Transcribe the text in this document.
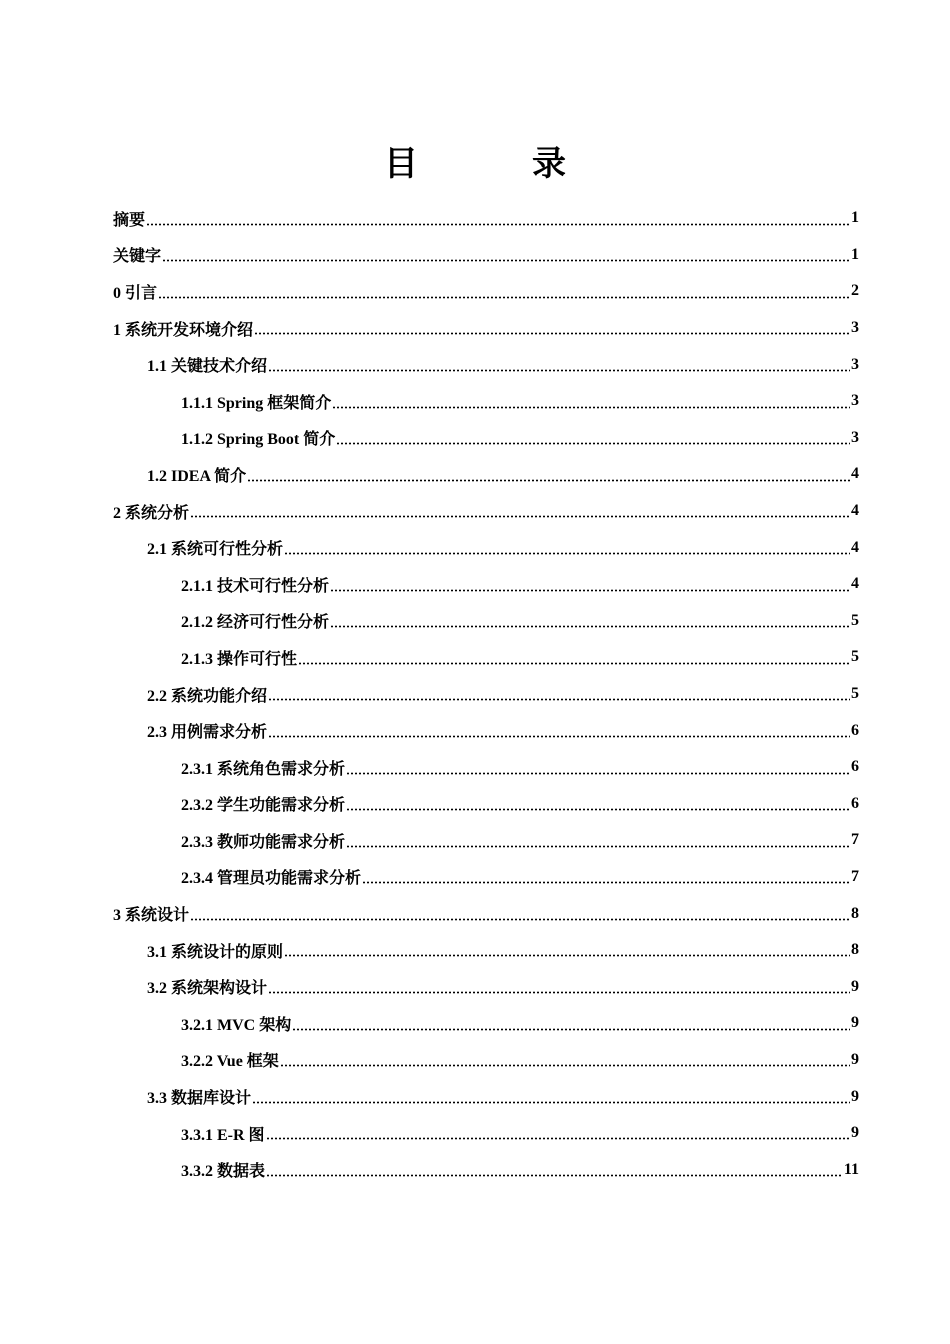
目　录
摘要	1
关键字	1
0 引言	2
1 系统开发环境介绍	3
1.1 关键技术介绍	3
1.1.1 Spring 框架简介	3
1.1.2 Spring Boot 简介	3
1.2 IDEA 简介	4
2 系统分析	4
2.1 系统可行性分析	4
2.1.1 技术可行性分析	4
2.1.2 经济可行性分析	5
2.1.3 操作可行性	5
2.2 系统功能介绍	5
2.3 用例需求分析	6
2.3.1 系统角色需求分析	6
2.3.2 学生功能需求分析	6
2.3.3 教师功能需求分析	7
2.3.4 管理员功能需求分析	7
3 系统设计	8
3.1 系统设计的原则	8
3.2 系统架构设计	9
3.2.1 MVC 架构	9
3.2.2 Vue 框架	9
3.3 数据库设计	9
3.3.1 E-R 图	9
3.3.2 数据表	11
